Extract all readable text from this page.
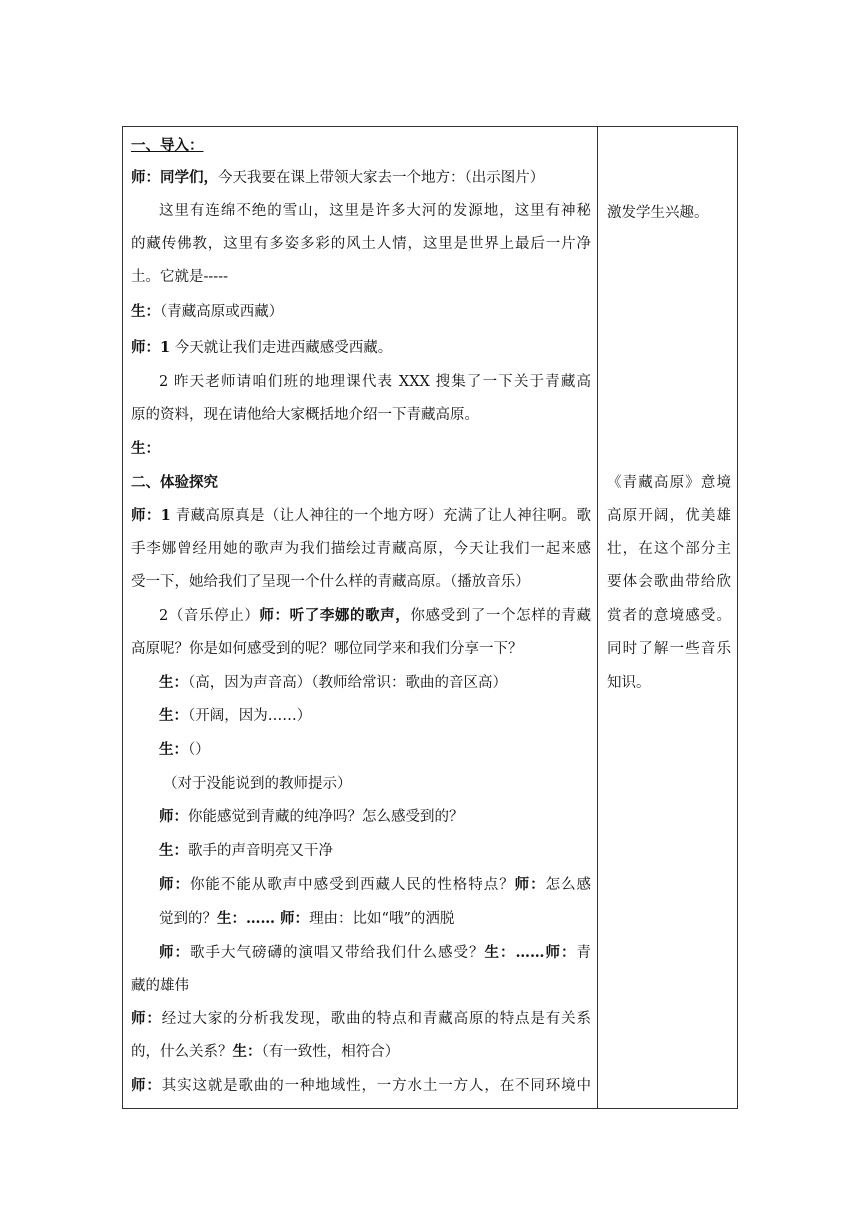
一、导入：
师：同学们，今天我要在课上带领大家去一个地方：（出示图片）
这里有连绵不绝的雪山，这里是许多大河的发源地，这里有神秘
的藏传佛教，这里有多姿多彩的风土人情，这里是世界上最后一片净
土。它就是-----
生：（青藏高原或西藏）
师：1 今天就让我们走进西藏感受西藏。
2 昨天老师请咱们班的地理课代表 XXX 搜集了一下关于青藏高
原的资料，现在请他给大家概括地介绍一下青藏高原。
生：
二、体验探究
师：1 青藏高原真是（让人神往的一个地方呀）充满了让人神往啊。歌
手李娜曾经用她的歌声为我们描绘过青藏高原，今天让我们一起来感
受一下，她给我们了呈现一个什么样的青藏高原。（播放音乐）
2（音乐停止）师：听了李娜的歌声，你感受到了一个怎样的青藏
高原呢？你是如何感受到的呢？哪位同学来和我们分享一下？
生：（高，因为声音高）（教师给常识：歌曲的音区高）
生：（开阔，因为……）
生：（）
（对于没能说到的教师提示）
师：你能感觉到青藏的纯净吗？怎么感受到的？
生：歌手的声音明亮又干净
师：你能不能从歌声中感受到西藏人民的性格特点？师：怎么感
觉到的？生：…… 师：理由：比如“哦”的洒脱
师：歌手大气磅礴的演唱又带给我们什么感受？生：……师：青
藏的雄伟
师：经过大家的分析我发现，歌曲的特点和青藏高原的特点是有关系
的，什么关系？生：（有一致性，相符合）
师：其实这就是歌曲的一种地域性，一方水土一方人，在不同环境中
激发学生兴趣。
《青藏高原》意境
高原开阔，优美雄
壮，在这个部分主
要体会歌曲带给欣
赏者的意境感受。
同时了解一些音乐
知识。
